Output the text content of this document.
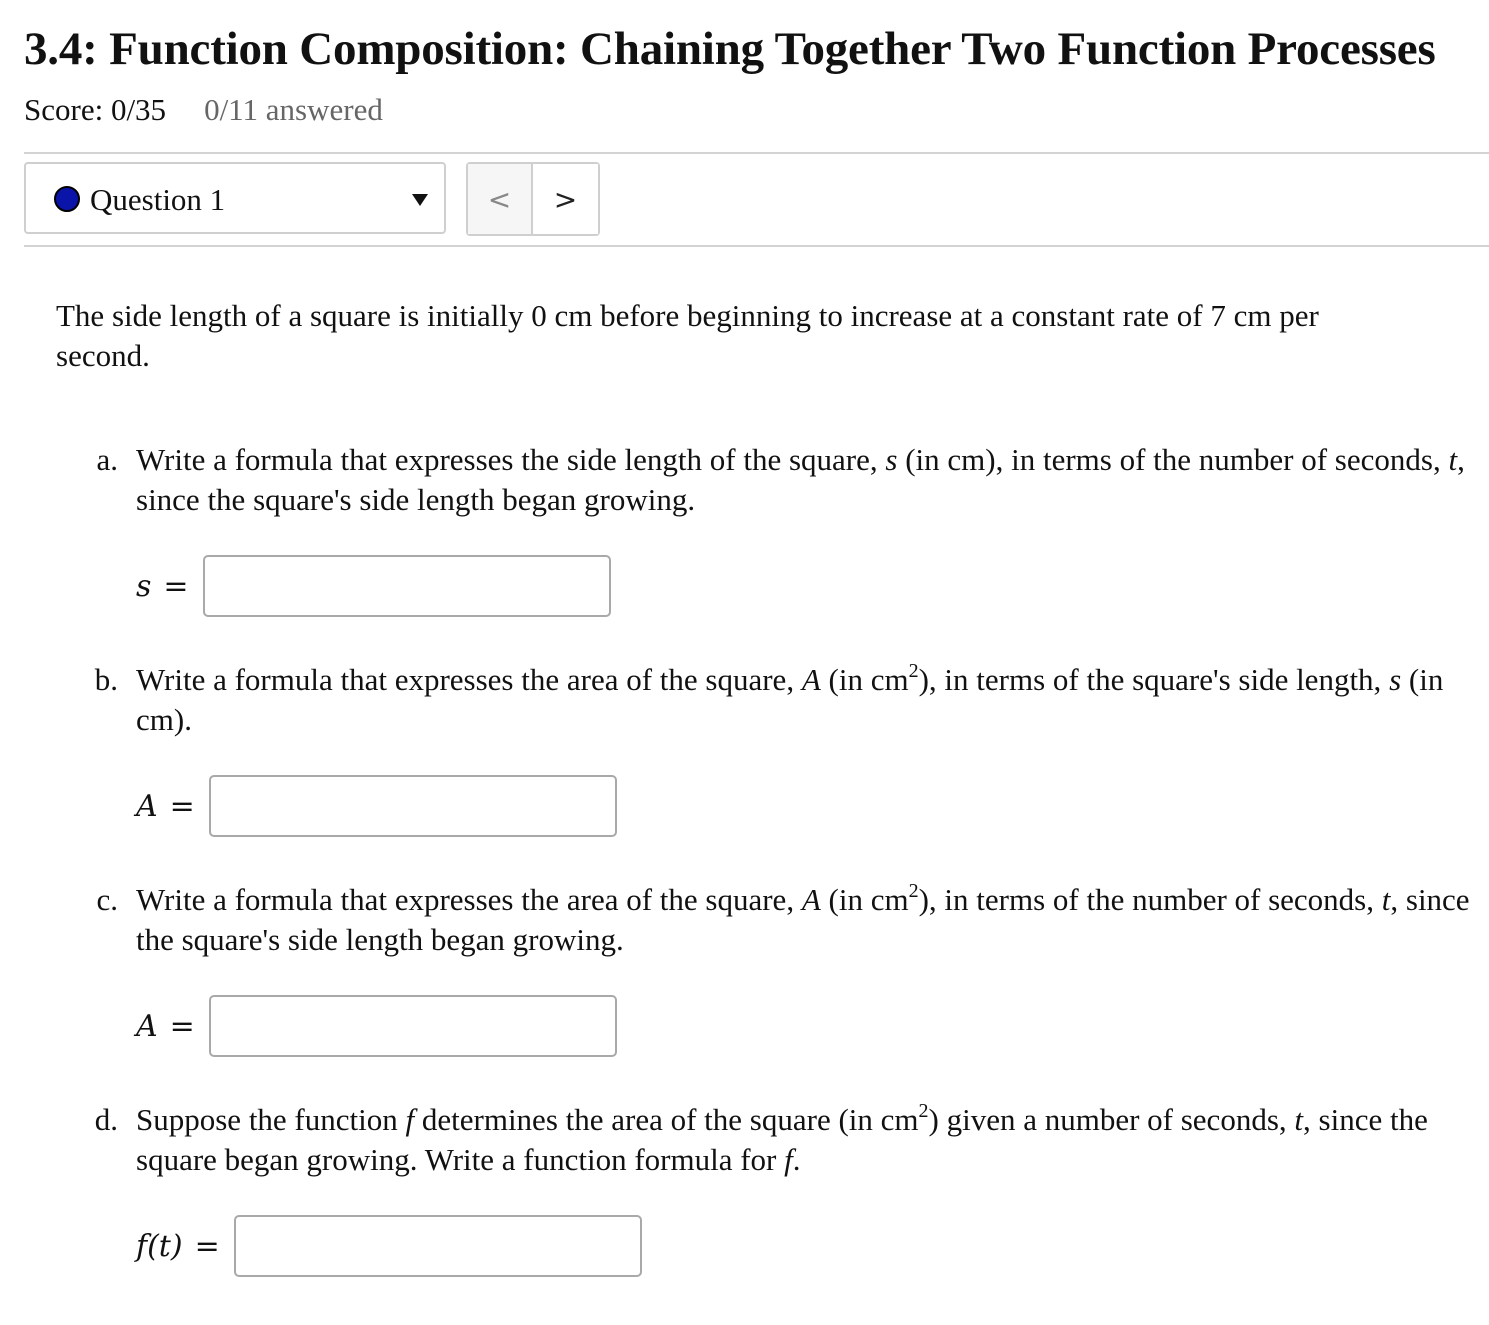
3.4: Function Composition: Chaining Together Two Function Processes
Score: 0/35 0/11 answered
Question 1	< >
The side length of a square is initially 0 cm before beginning to increase at a constant rate of 7 cm per second.
a. Write a formula that expresses the side length of the square, s (in cm), in terms of the number of seconds, t, since the square's side length began growing.
s =
b. Write a formula that expresses the area of the square, A (in $cm^2$), in terms of the square's side length, s (in cm).
A =
c. Write a formula that expresses the area of the square, A (in $cm^2$), in terms of the number of seconds, t, since the square's side length began growing.
A =
d. Suppose the function f determines the area of the square (in $cm^2$) given a number of seconds, t, since the square began growing. Write a function formula for f.
f(t) =
